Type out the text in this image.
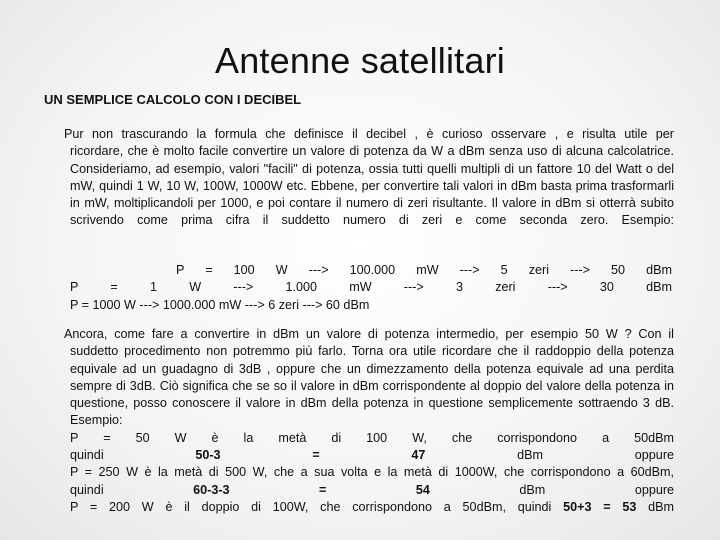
Antenne satellitari

UN SEMPLICE CALCOLO CON I DECIBEL

Pur non trascurando la formula che definisce il decibel , è curioso osservare , e risulta utile per
ricordare, che è molto facile convertire un valore di potenza da W a dBm senza uso di alcuna calcolatrice. Consideriamo, ad esempio, valori "facili" di potenza, ossia tutti quelli multipli di un fattore 10 del Watt o del mW, quindi 1 W, 10 W, 100W, 1000W etc. Ebbene, per convertire tali valori in dBm basta prima trasformarli in mW, moltiplicandoli per 1000, e poi contare il numero di zeri risultante. Il valore in dBm si otterrà subito scrivendo come prima cifra il suddetto numero di zeri e come seconda zero. Esempio:
P = 100 W ---> 100.000 mW ---> 5 zeri ---> 50 dBm
P = 1 W ---> 1.000 mW ---> 3 zeri ---> 30 dBm
P = 1000 W ---> 1000.000 mW ---> 6 zeri ---> 60 dBm
Ancora, come fare a convertire in dBm un valore di potenza intermedio, per esempio 50 W ? Con il
suddetto procedimento non potremmo più farlo. Torna ora utile ricordare che il raddoppio della potenza equivale ad un guadagno di 3dB , oppure che un dimezzamento della potenza equivale ad una perdita sempre di 3dB. Ciò significa che se so il valore in dBm corrispondente al doppio del valore della potenza in questione, posso conoscere il valore in dBm della potenza in questione semplicemente sottraendo 3 dB. Esempio:
P = 50 W è la metà di 100 W, che corrispondono a 50dBm
quindi	50-3	=	47	dBm	oppure
P = 250 W è la metà di 500 W, che a sua volta e la metà di 1000W, che corrispondono a 60dBm,
quindi	60-3-3	=	54	dBm	oppure
P = 200 W è il doppio di 100W, che corrispondono a 50dBm, quindi 50+3 = 53 dBm
